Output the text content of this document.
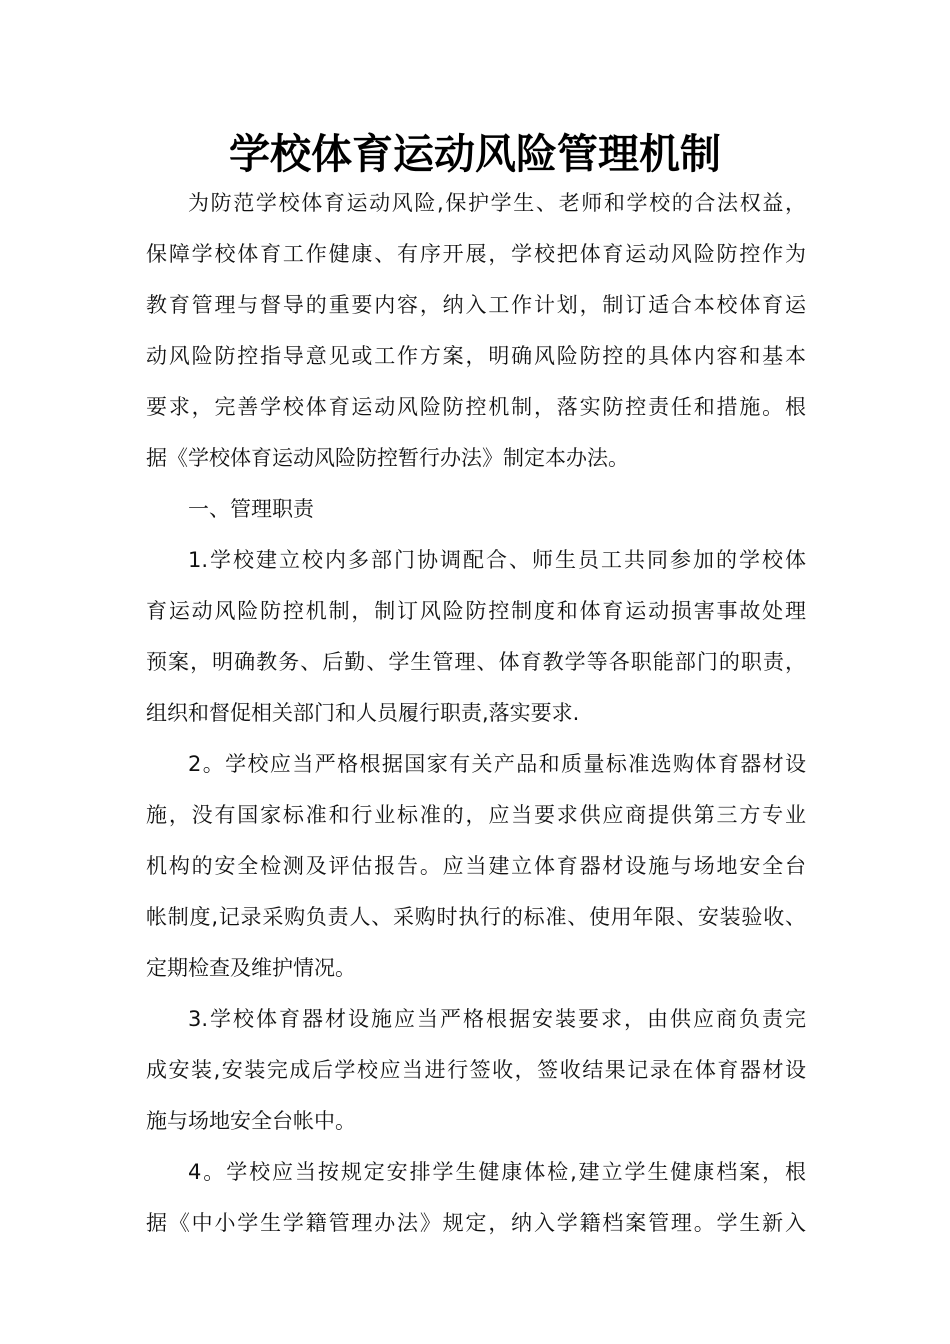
学校体育运动风险管理机制
为防范学校体育运动风险,保护学生、老师和学校的合法权益，
保障学校体育工作健康、有序开展，学校把体育运动风险防控作为
教育管理与督导的重要内容，纳入工作计划，制订适合本校体育运
动风险防控指导意见或工作方案，明确风险防控的具体内容和基本
要求，完善学校体育运动风险防控机制，落实防控责任和措施。根
据《学校体育运动风险防控暂行办法》制定本办法。
一、管理职责
1.学校建立校内多部门协调配合、师生员工共同参加的学校体
育运动风险防控机制，制订风险防控制度和体育运动损害事故处理
预案，明确教务、后勤、学生管理、体育教学等各职能部门的职责，
组织和督促相关部门和人员履行职责,落实要求.
2。学校应当严格根据国家有关产品和质量标准选购体育器材设
施，没有国家标准和行业标准的，应当要求供应商提供第三方专业
机构的安全检测及评估报告。应当建立体育器材设施与场地安全台
帐制度,记录采购负责人、采购时执行的标准、使用年限、安装验收、
定期检查及维护情况。
3.学校体育器材设施应当严格根据安装要求，由供应商负责完
成安装,安装完成后学校应当进行签收，签收结果记录在体育器材设
施与场地安全台帐中。
4。学校应当按规定安排学生健康体检,建立学生健康档案，根
据《中小学生学籍管理办法》规定，纳入学籍档案管理。学生新入
